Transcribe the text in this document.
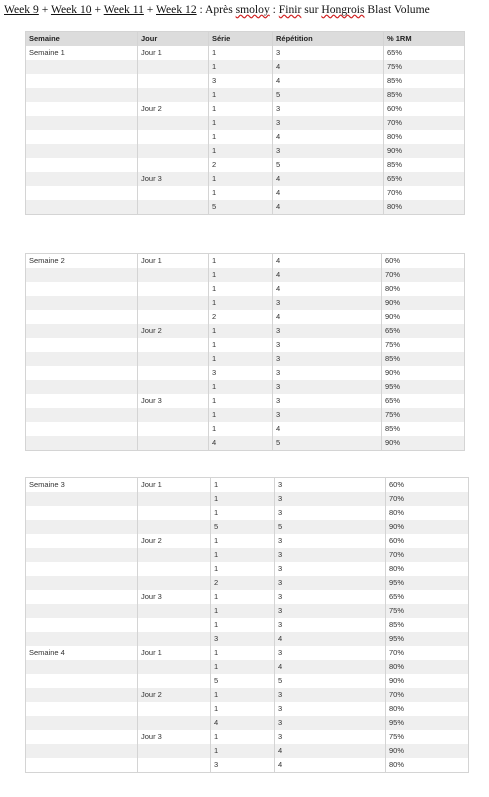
Week 9 + Week 10 + Week 11 + Week 12 : Après smoloy : Finir sur Hongrois Blast Volume
Semaine	Jour	Série	Répétition	% 1RM
Semaine 1	Jour 1	1	3	65%
		1	4	75%
		3	4	85%
		1	5	85%
	Jour 2	1	3	60%
		1	3	70%
		1	4	80%
		1	3	90%
		2	5	85%
	Jour 3	1	4	65%
		1	4	70%
		5	4	80%
Semaine 2	Jour 1	1	4	60%
		1	4	70%
		1	4	80%
		1	3	90%
		2	4	90%
	Jour 2	1	3	65%
		1	3	75%
		1	3	85%
		3	3	90%
		1	3	95%
	Jour 3	1	3	65%
		1	3	75%
		1	4	85%
		4	5	90%
Semaine 3	Jour 1	1	3	60%
		1	3	70%
		1	3	80%
		5	5	90%
	Jour 2	1	3	60%
		1	3	70%
		1	3	80%
		2	3	95%
	Jour 3	1	3	65%
		1	3	75%
		1	3	85%
		3	4	95%
Semaine 4	Jour 1	1	3	70%
		1	4	80%
		5	5	90%
	Jour 2	1	3	70%
		1	3	80%
		4	3	95%
	Jour 3	1	3	75%
		1	4	90%
		3	4	80%
